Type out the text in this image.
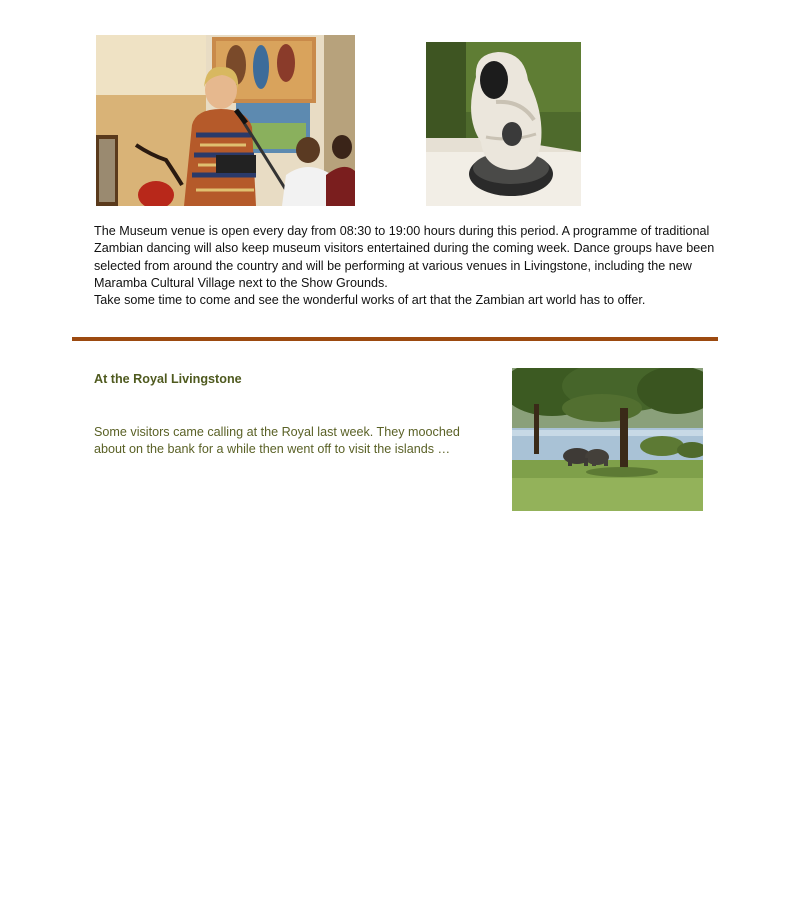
The Museum venue is open every day from 08:30 to 19:00 hours during this period. A programme of traditional Zambian dancing will also keep museum visitors entertained during the coming week. Dance groups have been selected from around the country and will be performing at various venues in Livingstone, including the new Maramba Cultural Village next to the Show Grounds.

Take some time to come and see the wonderful works of art that the Zambian art world has to offer.

At the Royal Livingstone

Some visitors came calling at the Royal last week. They mooched about on the bank for a while then went off to visit the islands …
